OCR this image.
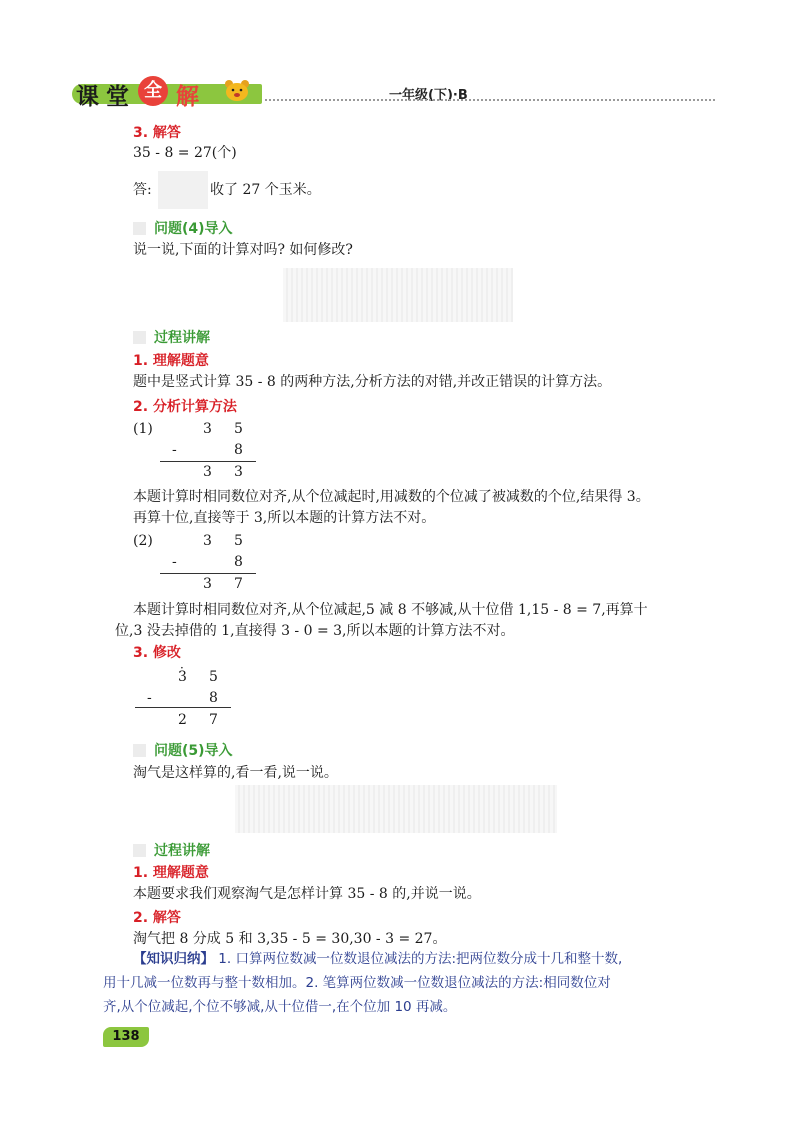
课 堂 全 解	一年级(下)·B
3. 解答
35 - 8 = 27(个)
答:	收了 27 个玉米。
问题(4)导入
说一说,下面的计算对吗? 如何修改?
过程讲解
1. 理解题意
题中是竖式计算 35 - 8 的两种方法,分析方法的对错,并改正错误的计算方法。
2. 分析计算方法
(1)	3 5
-	8
3 3
本题计算时相同数位对齐,从个位减起时,用减数的个位减了被减数的个位,结果得 3。
再算十位,直接等于 3,所以本题的计算方法不对。
(2)	3 5
-	8
3 7
本题计算时相同数位对齐,从个位减起,5 减 8 不够减,从十位借 1,15 - 8 = 7,再算十
位,3 没去掉借的 1,直接得 3 - 0 = 3,所以本题的计算方法不对。
3. 修改
· 3	5
-	8
2 7
问题(5)导入
淘气是这样算的,看一看,说一说。
过程讲解
1. 理解题意
本题要求我们观察淘气是怎样计算 35 - 8 的,并说一说。
2. 解答
淘气把 8 分成 5 和 3,35 - 5 = 30,30 - 3 = 27。
【知识归纳】 1. 口算两位数减一位数退位减法的方法:把两位数分成十几和整十数,
用十几减一位数再与整十数相加。2. 笔算两位数减一位数退位减法的方法:相同数位对
齐,从个位减起,个位不够减,从十位借一,在个位加 10 再减。
138
